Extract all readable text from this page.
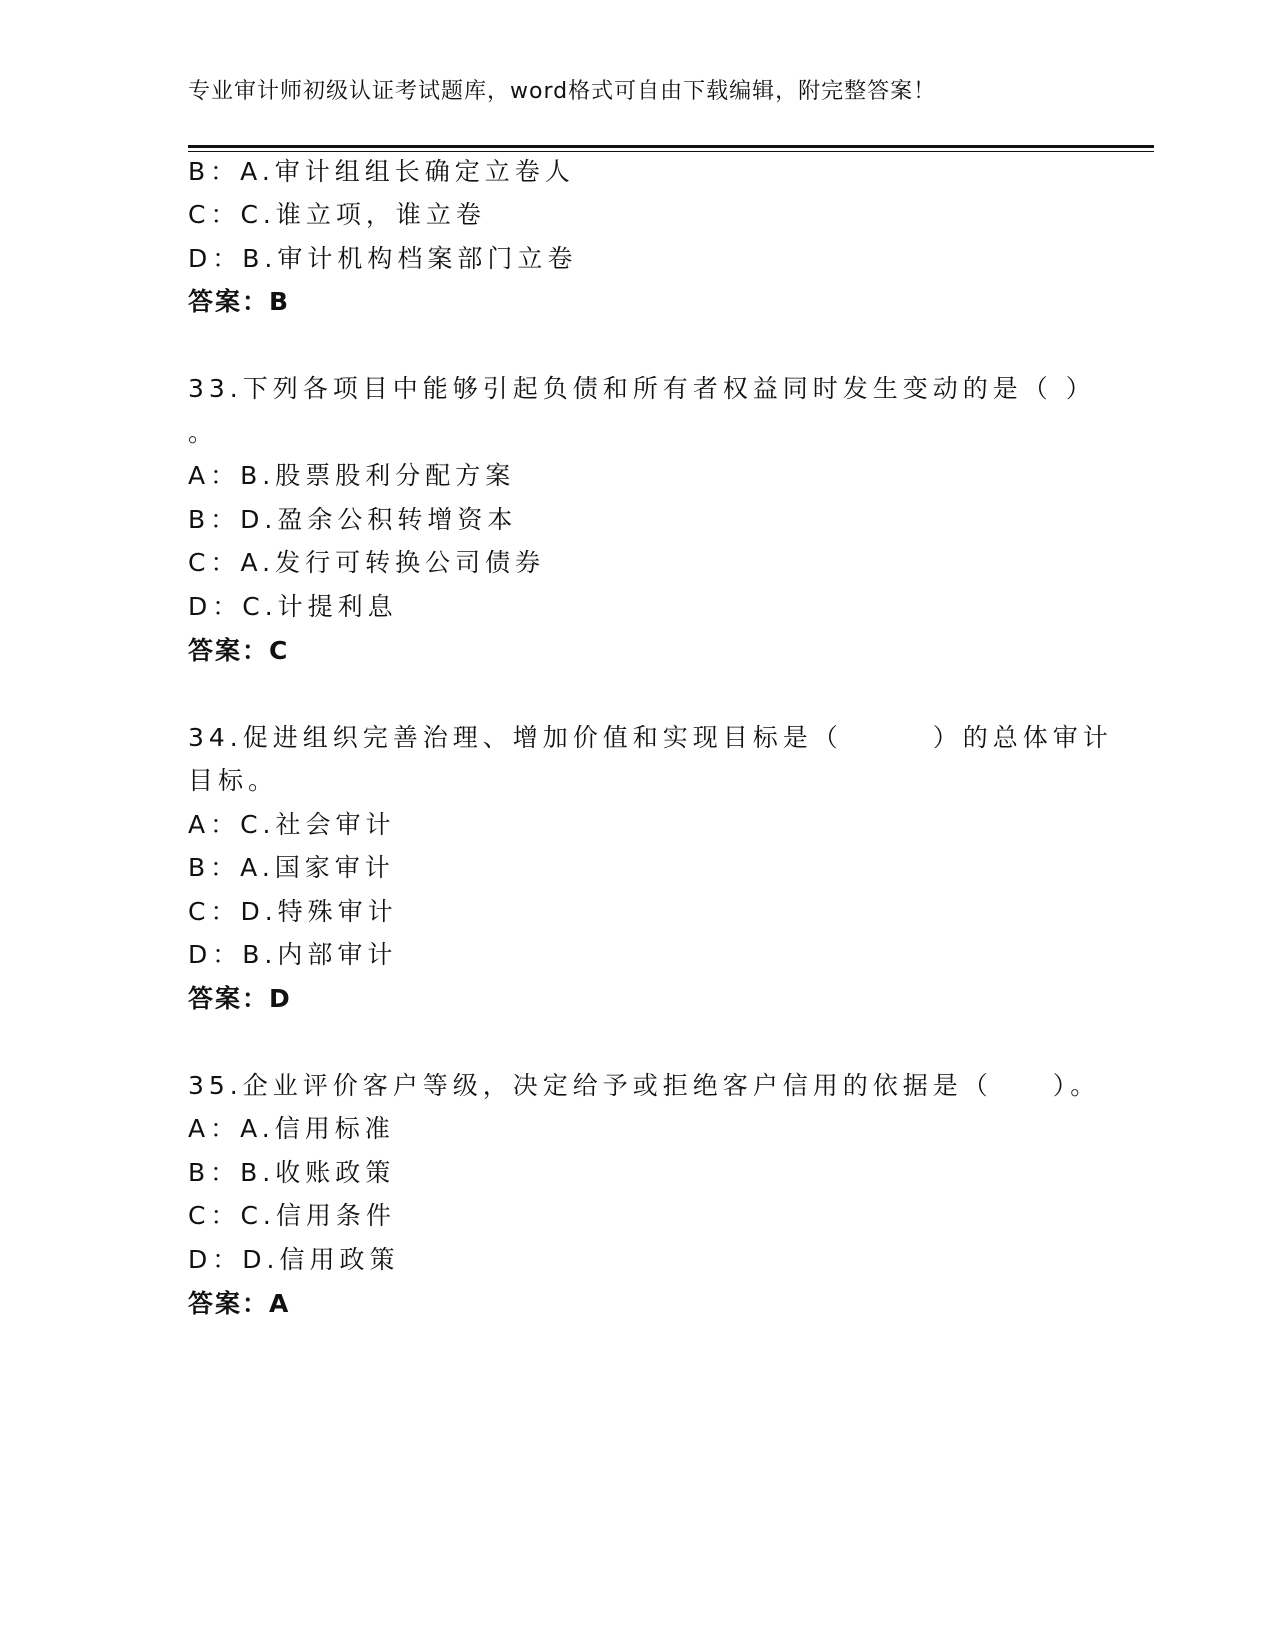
专业审计师初级认证考试题库，word格式可自由下载编辑，附完整答案！
B：A.审计组组长确定立卷人
C：C.谁立项，谁立卷
D：B.审计机构档案部门立卷
答案：B
33.下列各项目中能够引起负债和所有者权益同时发生变动的是（ ）
。
A：B.股票股利分配方案
B：D.盈余公积转增资本
C：A.发行可转换公司债券
D：C.计提利息
答案：C
34.促进组织完善治理、增加价值和实现目标是（　　　）的总体审计
目标。
A：C.社会审计
B：A.国家审计
C：D.特殊审计
D：B.内部审计
答案：D
35.企业评价客户等级，决定给予或拒绝客户信用的依据是（　　）。
A：A.信用标准
B：B.收账政策
C：C.信用条件
D：D.信用政策
答案：A
